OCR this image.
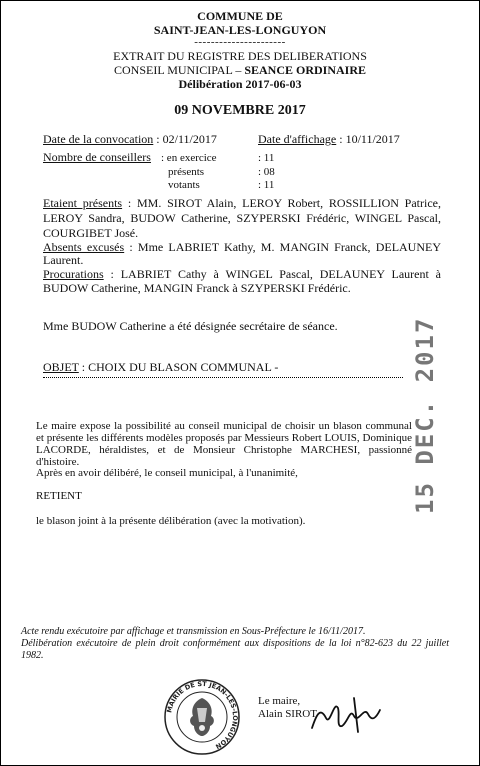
COMMUNE DE
SAINT-JEAN-LES-LONGUYON
----------------------
EXTRAIT DU REGISTRE DES DELIBERATIONS
CONSEIL MUNICIPAL – SEANCE ORDINAIRE
Délibération 2017-06-03
09 NOVEMBRE 2017
Date de la convocation : 02/11/2017	Date d'affichage : 10/11/2017
Nombre de conseillers : en exercice	: 11
présents	: 08
votants	: 11
Etaient présents : MM. SIROT Alain, LEROY Robert, ROSSILLION Patrice, LEROY Sandra, BUDOW Catherine, SZYPERSKI Frédéric, WINGEL Pascal, COURGIBET José.
Absents excusés : Mme LABRIET Kathy, M. MANGIN Franck, DELAUNEY Laurent.
Procurations : LABRIET Cathy à WINGEL Pascal, DELAUNEY Laurent à BUDOW Catherine, MANGIN Franck à SZYPERSKI Frédéric.
Mme BUDOW Catherine a été désignée secrétaire de séance.
OBJET : CHOIX DU BLASON COMMUNAL -
Le maire expose la possibilité au conseil municipal de choisir un blason communal et présente les différents modèles proposés par Messieurs Robert LOUIS, Dominique LACORDE, héraldistes, et de Monsieur Christophe MARCHESI, passionné d'histoire.
Après en avoir délibéré, le conseil municipal, à l'unanimité,
RETIENT
le blason joint à la présente délibération (avec la motivation).
15 DEC. 2017
Acte rendu exécutoire par affichage et transmission en Sous-Préfecture le 16/11/2017.
Délibération exécutoire de plein droit conformément aux dispositions de la loi n°82-623 du 22 juillet 1982.
MAIRIE DE ST JEAN-LES-LONGUYON
Le maire,
Alain SIROT
